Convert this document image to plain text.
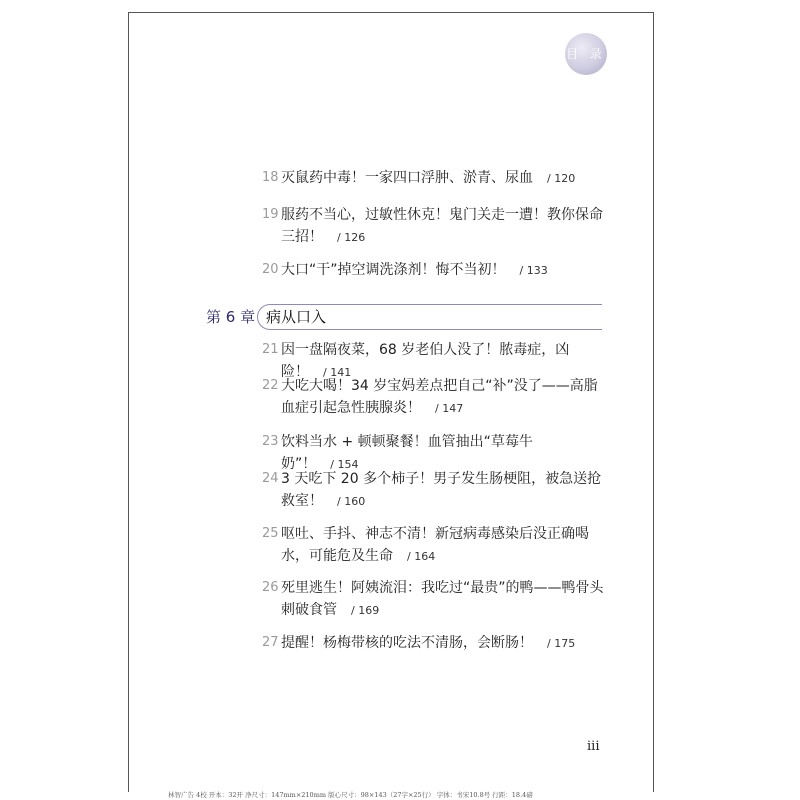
目 录
18 灭鼠药中毒！一家四口浮肿、淤青、尿血 / 120
19 服药不当心，过敏性休克！鬼门关走一遭！教你保命三招！ / 126
20 大口“干”掉空调洗涤剂！悔不当初！ / 133
第 6 章 病从口入
21 因一盘隔夜菜，68 岁老伯人没了！脓毒症，凶险！ / 141
22 大吃大喝！34 岁宝妈差点把自己“补”没了——高脂血症引起急性胰腺炎！ / 147
23 饮料当水 + 顿顿聚餐！血管抽出“草莓牛奶”！ / 154
24 3 天吃下 20 多个柿子！男子发生肠梗阻，被急送抢救室！ / 160
25 呕吐、手抖、神志不清！新冠病毒感染后没正确喝水，可能危及生命 / 164
26 死里逃生！阿姨流泪：我吃过“最贵”的鸭——鸭骨头刺破食管 / 169
27 提醒！杨梅带核的吃法不清肠，会断肠！ / 175
iii
林智广告 4校 开本：32开 净尺寸：147mm×210mm 版心尺寸：98×143（27字×25行） 字体：书宋10.8号 行距：18.4磅
